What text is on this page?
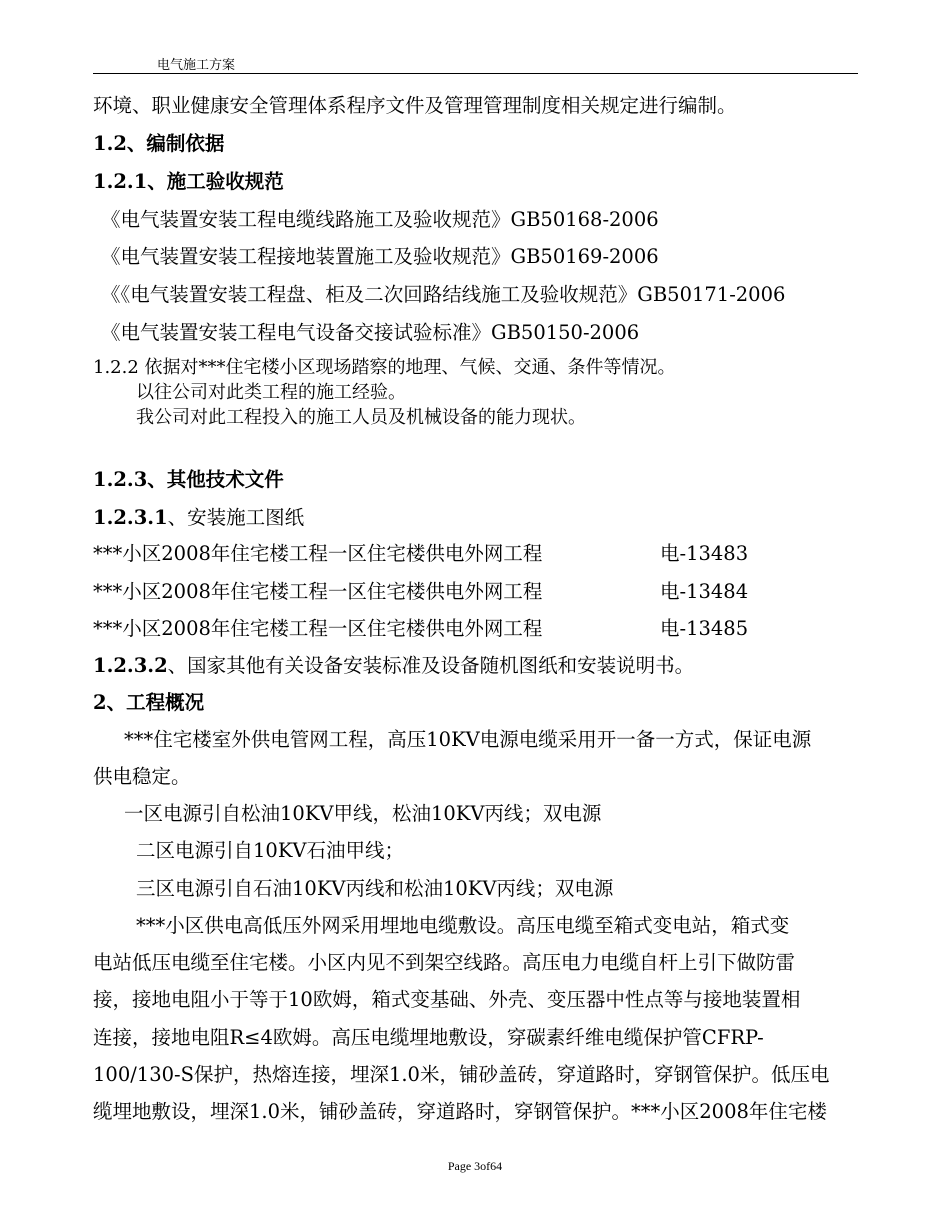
电气施工方案
环境、职业健康安全管理体系程序文件及管理管理制度相关规定进行编制。
1.2、编制依据
1.2.1、施工验收规范
《电气装置安装工程电缆线路施工及验收规范》GB50168-2006
《电气装置安装工程接地装置施工及验收规范》GB50169-2006
《《电气装置安装工程盘、柜及二次回路结线施工及验收规范》GB50171-2006
《电气装置安装工程电气设备交接试验标准》GB50150-2006
1.2.2 依据对***住宅楼小区现场踏察的地理、气候、交通、条件等情况。
以往公司对此类工程的施工经验。
我公司对此工程投入的施工人员及机械设备的能力现状。
1.2.3、其他技术文件
1.2.3.1、安装施工图纸
***小区2008年住宅楼工程一区住宅楼供电外网工程	电-13483
***小区2008年住宅楼工程一区住宅楼供电外网工程	电-13484
***小区2008年住宅楼工程一区住宅楼供电外网工程	电-13485
1.2.3.2、国家其他有关设备安装标准及设备随机图纸和安装说明书。
2、工程概况
***住宅楼室外供电管网工程，高压10KV电源电缆采用开一备一方式，保证电源
供电稳定。
一区电源引自松油10KV甲线，松油10KV丙线；双电源
二区电源引自10KV石油甲线；
三区电源引自石油10KV丙线和松油10KV丙线；双电源
***小区供电高低压外网采用埋地电缆敷设。高压电缆至箱式变电站，箱式变
电站低压电缆至住宅楼。小区内见不到架空线路。高压电力电缆自杆上引下做防雷
接，接地电阻小于等于10欧姆，箱式变基础、外壳、变压器中性点等与接地装置相
连接，接地电阻R≤4欧姆。高压电缆埋地敷设，穿碳素纤维电缆保护管CFRP-
100/130-S保护，热熔连接，埋深1.0米，铺砂盖砖，穿道路时，穿钢管保护。低压电
缆埋地敷设，埋深1.0米，铺砂盖砖，穿道路时，穿钢管保护。***小区2008年住宅楼
Page 3of64
